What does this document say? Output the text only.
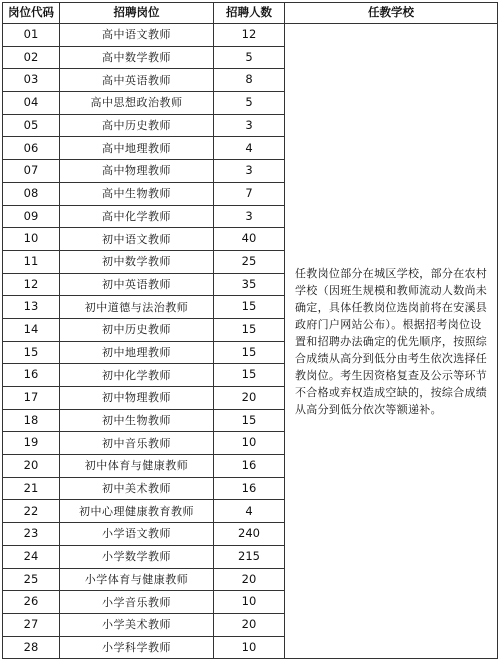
岗位代码	招聘岗位	招聘人数	任教学校
01	高中语文教师	12	任教岗位部分在城区学校，部分在农村学校（因班生规模和教师流动人数尚未确定，具体任教岗位选岗前将在安溪县政府门户网站公布）。根据招考岗位设置和招聘办法确定的优先顺序，按照综合成绩从高分到低分由考生依次选择任教岗位。考生因资格复查及公示等环节不合格或弃权造成空缺的，按综合成绩从高分到低分依次等额递补。
02	高中数学教师	5	
03	高中英语教师	8	
04	高中思想政治教师	5	
05	高中历史教师	3	
06	高中地理教师	4	
07	高中物理教师	3	
08	高中生物教师	7	
09	高中化学教师	3	
10	初中语文教师	40	
11	初中数学教师	25	
12	初中英语教师	35	
13	初中道德与法治教师	15	
14	初中历史教师	15	
15	初中地理教师	15	
16	初中化学教师	15	
17	初中物理教师	20	
18	初中生物教师	15	
19	初中音乐教师	10	
20	初中体育与健康教师	16	
21	初中美术教师	16	
22	初中心理健康教育教师	4	
23	小学语文教师	240	
24	小学数学教师	215	
25	小学体育与健康教师	20	
26	小学音乐教师	10	
27	小学美术教师	20	
28	小学科学教师	10	
